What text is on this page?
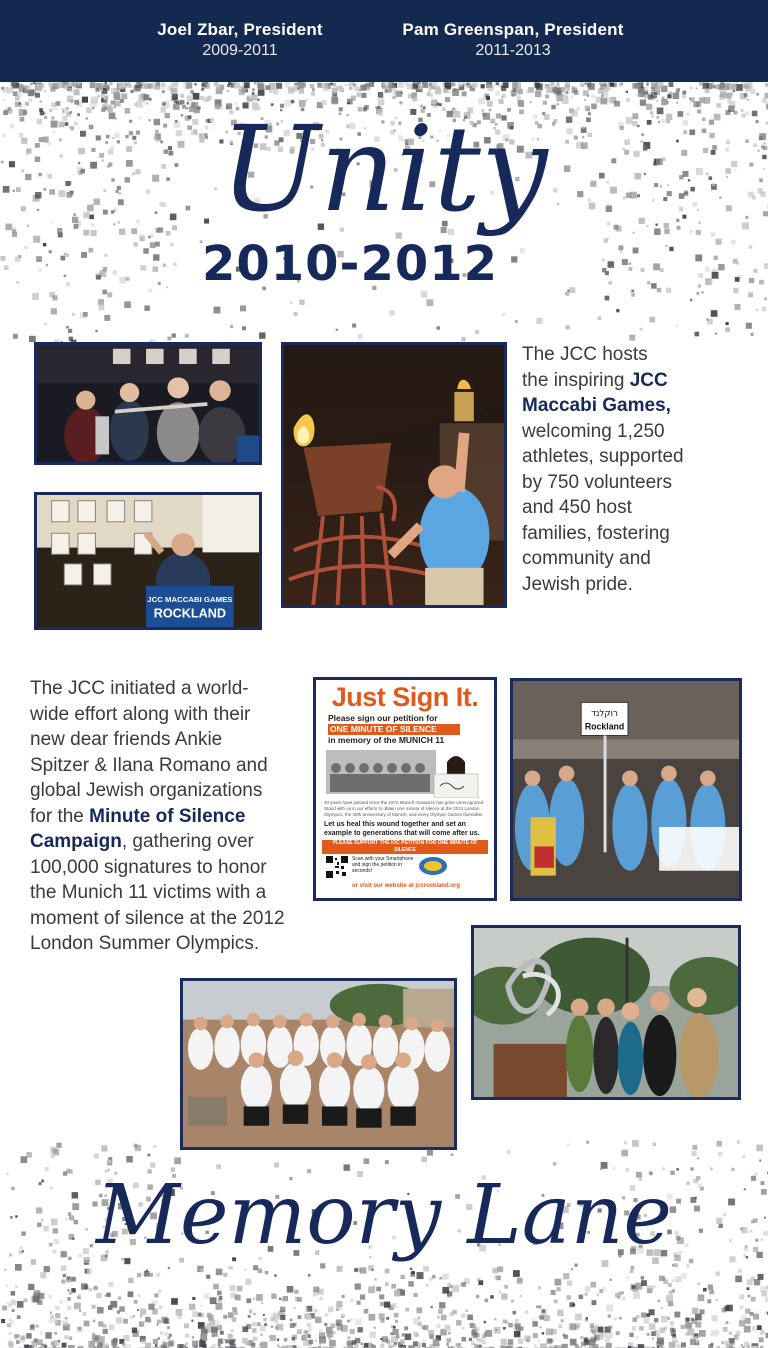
Joel Zbar, President
2009-2011
Pam Greenspan, President
2011-2013
Unity
2010-2012
JCC MACCABI GAMES
ROCKLAND
The JCC hosts
the inspiring JCC
Maccabi Games,
welcoming 1,250
athletes, supported
by 750 volunteers
and 450 host
families, fostering
community and
Jewish pride.
The JCC initiated a world-
wide effort along with their
new dear friends Ankie
Spitzer & Ilana Romano and
global Jewish organizations
for the Minute of Silence
Campaign, gathering over
100,000 signatures to honor
the Munich 11 victims with a
moment of silence at the 2012
London Summer Olympics.
Just Sign It.
Please sign our petition for
ONE MINUTE OF SILENCE
in memory of the MUNICH 11
40 years have passed since the 1972 Munich massacre has gone unrecognized. Stand with us in our efforts to obtain one minute of silence at the 2012 London Olympics, the 40th anniversary of Munich, and every Olympic Games thereafter.
Let us heal this wound together and set an example to generations that will come after us.
PLEASE SUPPORT THE IOC PETITION FOR ONE MINUTE OF SILENCE
Scan with your Smartphone and sign the petition in seconds!
or visit our website at jccrockland.org
רוקלנד
Rockland
Memory Lane
